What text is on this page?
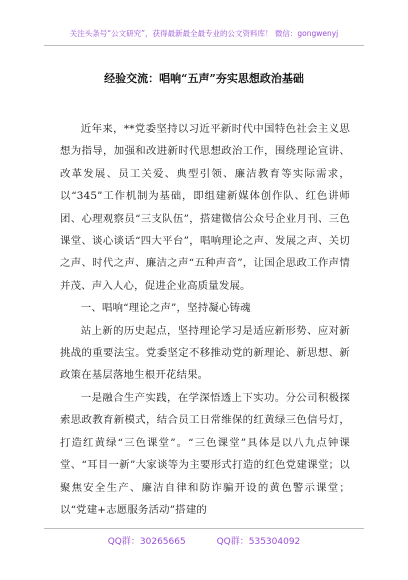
关注头条号“公文研究”，获得最新最全最专业的公文资料库！ 微信：gongwenyj
经验交流：唱响“五声”夯实思想政治基础

近年来，**党委坚持以习近平新时代中国特色社会主义思想为指导，加强和改进新时代思想政治工作，围绕理论宣讲、改革发展、员工关爱、典型引领、廉洁教育等实际需求，以“345”工作机制为基础，即组建新媒体创作队、红色讲师团、心理观察员“三支队伍”，搭建微信公众号企业月刊、三色课堂、谈心谈话“四大平台”，唱响理论之声、发展之声、关切之声、时代之声、廉洁之声“五种声音”，让国企思政工作声情并茂、声入人心，促进企业高质量发展。

一、唱响“理论之声”，坚持凝心铸魂

站上新的历史起点，坚持理论学习是适应新形势、应对新挑战的重要法宝。党委坚定不移推动党的新理论、新思想、新政策在基层落地生根开花结果。

一是融合生产实践，在学深悟透上下实功。分公司积极探索思政教育新模式，结合员工日常维保的红黄绿三色信号灯，打造红黄绿“三色课堂”。“三色课堂”具体是以八九点钟课堂、“耳目一新”大家谈等为主要形式打造的红色党建课堂；以聚焦安全生产、廉洁自律和防诈骗开设的黄色警示课堂；以“党建+志愿服务活动”搭建的

QQ群：30265665	QQ群：535304092
